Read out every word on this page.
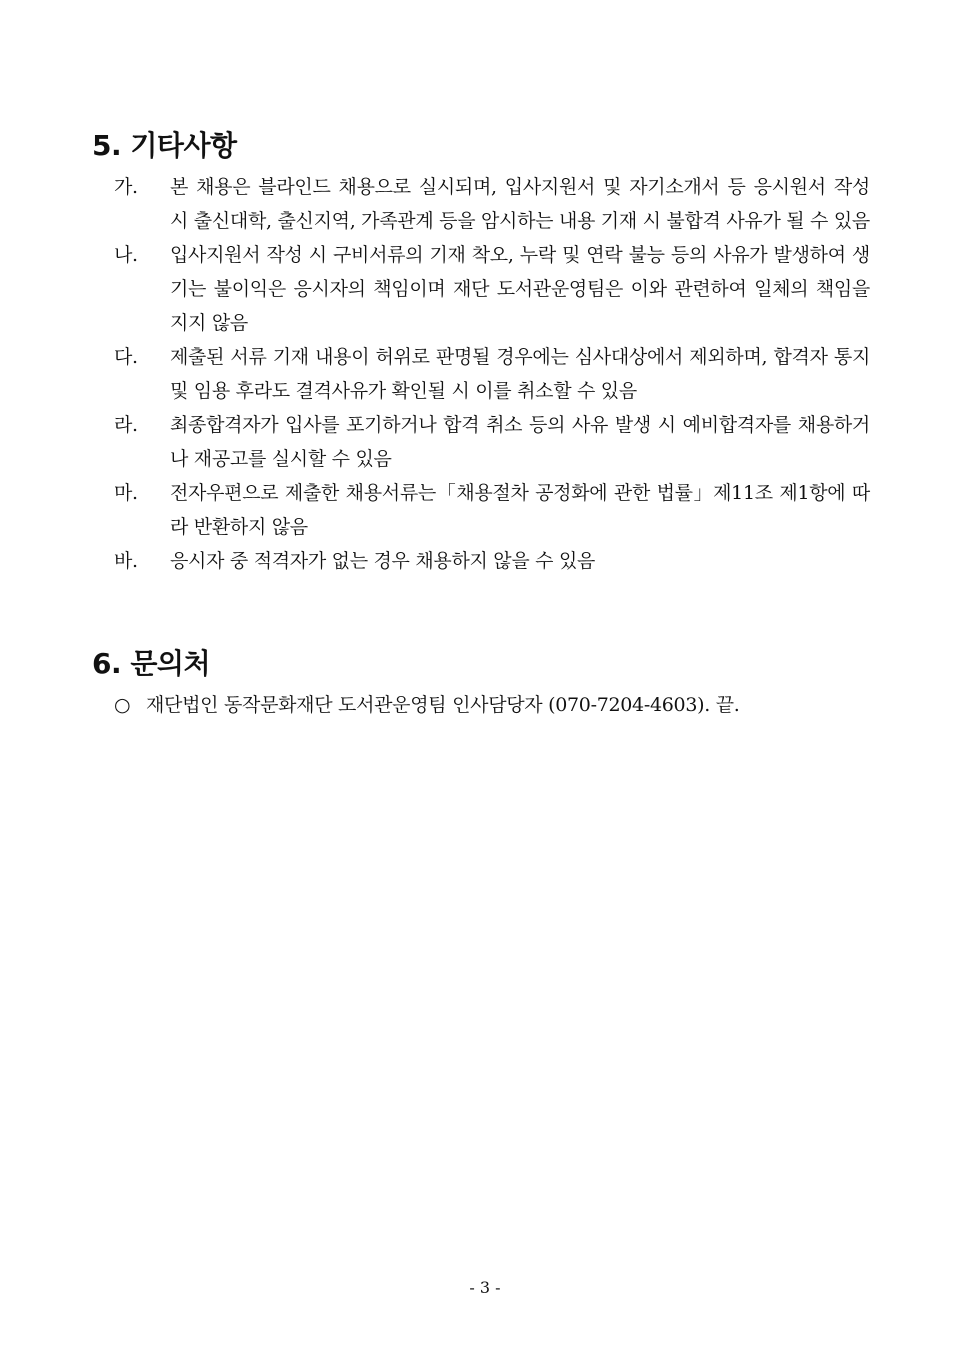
5. 기타사항
가.	본 채용은 블라인드 채용으로 실시되며, 입사지원서 및 자기소개서 등 응시원서 작성 시 출신대학, 출신지역, 가족관계 등을 암시하는 내용 기재 시 불합격 사유가 될 수 있음
나.	입사지원서 작성 시 구비서류의 기재 착오, 누락 및 연락 불능 등의 사유가 발생하여 생기는 불이익은 응시자의 책임이며 재단 도서관운영팀은 이와 관련하여 일체의 책임을 지지 않음
다.	제출된 서류 기재 내용이 허위로 판명될 경우에는 심사대상에서 제외하며, 합격자 통지 및 임용 후라도 결격사유가 확인될 시 이를 취소할 수 있음
라.	최종합격자가 입사를 포기하거나 합격 취소 등의 사유 발생 시 예비합격자를 채용하거나 재공고를 실시할 수 있음
마.	전자우편으로 제출한 채용서류는「채용절차 공정화에 관한 법률」제11조 제1항에 따라 반환하지 않음
바.	응시자 중 적격자가 없는 경우 채용하지 않을 수 있음
6. 문의처
○ 재단법인 동작문화재단 도서관운영팀 인사담당자 (070-7204-4603). 끝.
- 3 -
